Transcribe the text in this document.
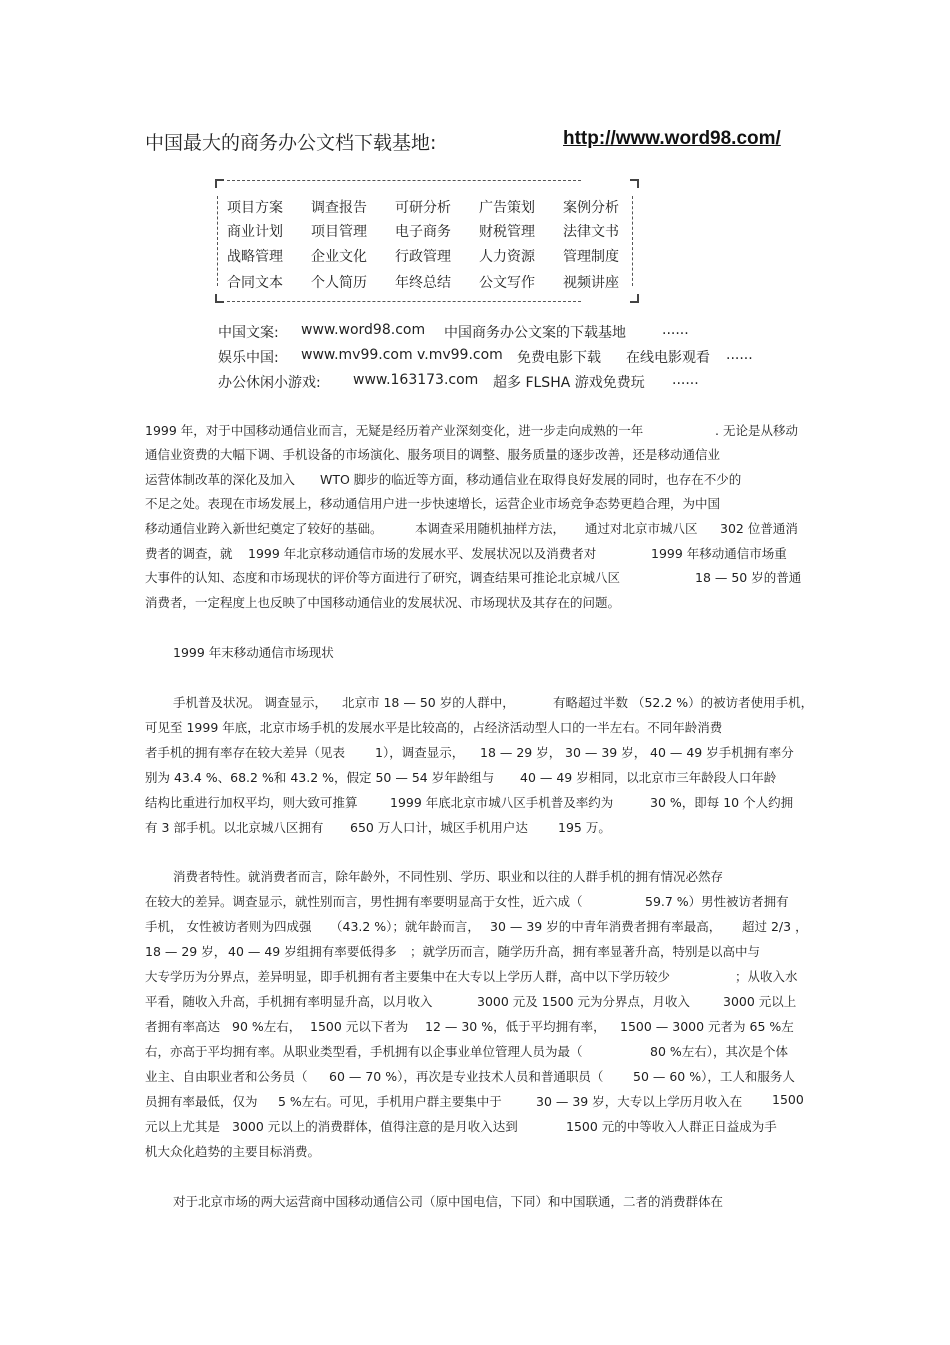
中国最大的商务办公文档下载基地:	http://www.word98.com/
项目方案 调查报告 可研分析 广告策划 案例分析
商业计划 项目管理 电子商务 财税管理 法律文书
战略管理 企业文化 行政管理 人力资源 管理制度
合同文本 个人简历 年终总结 公文写作 视频讲座
中国文案: www.word98.com 中国商务办公文案的下载基地	......
娱乐中国: www.mv99.com v.mv99.com 免费电影下载 在线电影观看 ......
办公休闲小游戏: www.163173.com 超多 FLSHA 游戏免费玩 ......
1999 年，对于中国移动通信业而言，无疑是经历着产业深刻变化，进一步走向成熟的一年	. 无论是从移动
通信业资费的大幅下调、手机设备的市场演化、服务项目的调整、服务质量的逐步改善，还是移动通信业
运营体制改革的深化及加入 WTO 脚步的临近等方面，移动通信业在取得良好发展的同时，也存在不少的
不足之处。表现在市场发展上，移动通信用户进一步快速增长，运营企业市场竞争态势更趋合理，为中国
移动通信业跨入新世纪奠定了较好的基础。	本调查采用随机抽样方法， 通过对北京市城八区 302 位普通消
费者的调查，就 1999 年北京移动通信市场的发展水平、发展状况以及消费者对	1999 年移动通信市场重
大事件的认知、态度和市场现状的评价等方面进行了研究，调查结果可推论北京城八区	18 — 50 岁的普通
消费者，一定程度上也反映了中国移动通信业的发展状况、市场现状及其存在的问题。
1999 年末移动通信市场现状
手机普及状况。 调查显示， 北京市 18 — 50 岁的人群中，	有略超过半数 （52.2 %）的被访者使用手机，
可见至 1999 年底，北京市场手机的发展水平是比较高的，占经济活动型人口的一半左右。不同年龄消费
者手机的拥有率存在较大差异（见表 1），调查显示， 18 — 29 岁， 30 — 39 岁， 40 — 49 岁手机拥有率分
别为 43.4 %、68.2 %和 43.2 %，假定 50 — 54 岁年龄组与 40 — 49 岁相同，以北京市三年龄段人口年龄
结构比重进行加权平均，则大致可推算	1999 年底北京市城八区手机普及率约为	30 %，即每 10 个人约拥
有 3 部手机。以北京城八区拥有 650 万人口计，城区手机用户达 195 万。
消费者特性。就消费者而言，除年龄外，不同性别、学历、职业和以往的人群手机的拥有情况必然存
在较大的差异。调查显示，就性别而言，男性拥有率要明显高于女性，近六成（	59.7 %）男性被访者拥有
手机， 女性被访者则为四成强 （43.2 %）；就年龄而言， 30 — 39 岁的中青年消费者拥有率最高， 超过 2/3 ，
18 — 29 岁， 40 — 49 岁组拥有率要低得多 ；就学历而言，随学历升高，拥有率显著升高，特别是以高中与
大专学历为分界点，差异明显，即手机拥有者主要集中在大专以上学历人群，高中以下学历较少	；从收入水
平看，随收入升高，手机拥有率明显升高，以月收入	3000 元及 1500 元为分界点，月收入	3000 元以上
者拥有率高达 90 %左右， 1500 元以下者为 12 — 30 %，低于平均拥有率， 1500 — 3000 元者为 65 %左
右，亦高于平均拥有率。从职业类型看，手机拥有以企事业单位管理人员为最（	80 %左右），其次是个体
业主、自由职业者和公务员（ 60 — 70 %），再次是专业技术人员和普通职员（ 50 — 60 %），工人和服务人
员拥有率最低，仅为 5 %左右。可见，手机用户群主要集中于	30 — 39 岁，大专以上学历月收入在 1500
元以上尤其是 3000 元以上的消费群体，值得注意的是月收入达到	1500 元的中等收入人群正日益成为手
机大众化趋势的主要目标消费。
对于北京市场的两大运营商中国移动通信公司（原中国电信，下同）和中国联通，二者的消费群体在
